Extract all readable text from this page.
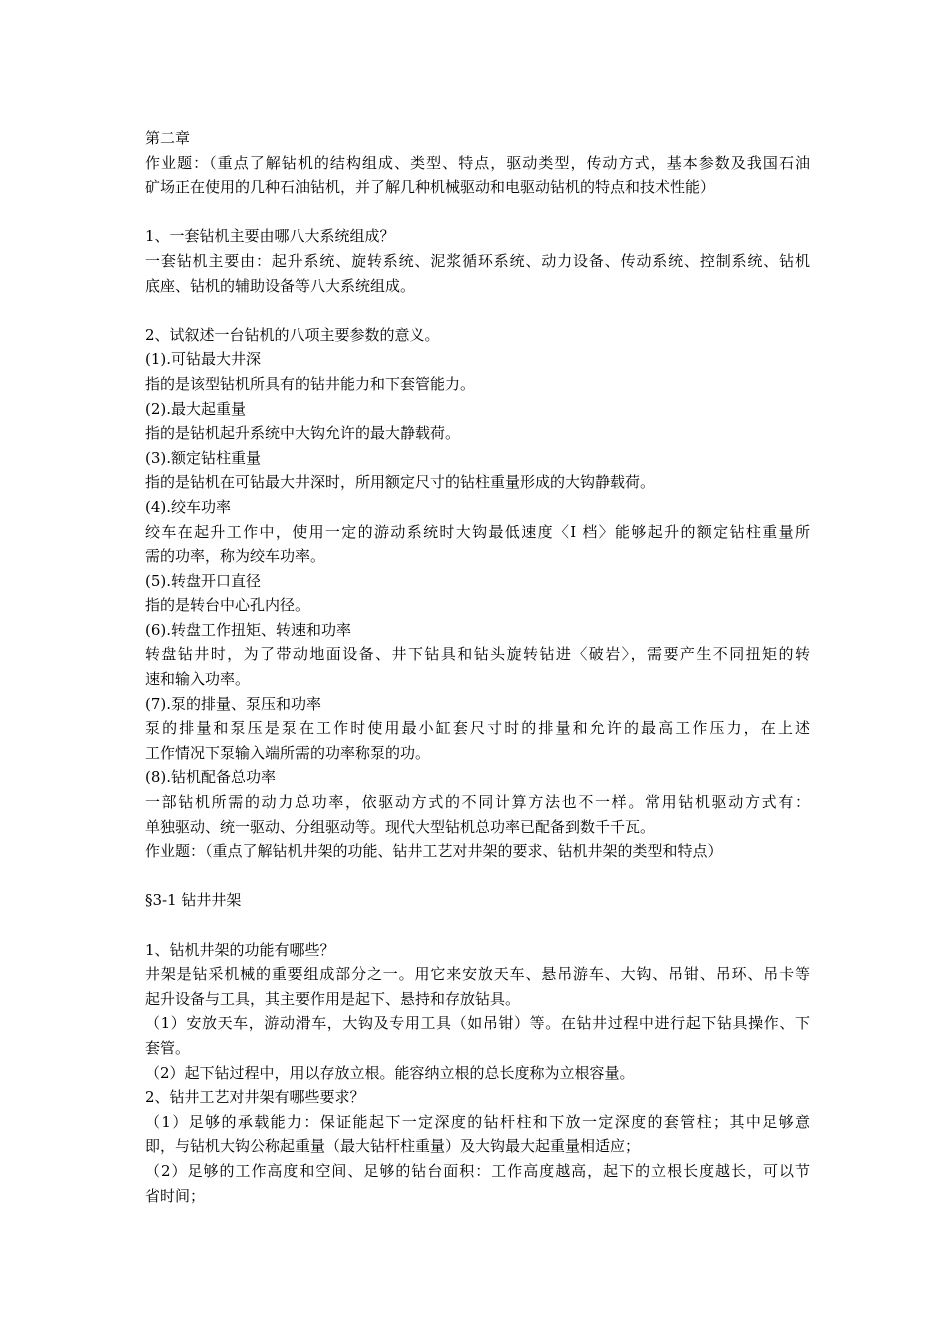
第二章
作业题：（重点了解钻机的结构组成、类型、特点，驱动类型，传动方式，基本参数及我国石油
矿场正在使用的几种石油钻机，并了解几种机械驱动和电驱动钻机的特点和技术性能）
1、一套钻机主要由哪八大系统组成？
一套钻机主要由：起升系统、旋转系统、泥浆循环系统、动力设备、传动系统、控制系统、钻机
底座、钻机的辅助设备等八大系统组成。
2、试叙述一台钻机的八项主要参数的意义。
(1).可钻最大井深
指的是该型钻机所具有的钻井能力和下套管能力。
(2).最大起重量
指的是钻机起升系统中大钩允许的最大静载荷。
(3).额定钻柱重量
指的是钻机在可钻最大井深时，所用额定尺寸的钻柱重量形成的大钩静载荷。
(4).绞车功率
绞车在起升工作中，使用一定的游动系统时大钩最低速度〈I 档〉能够起升的额定钻柱重量所
需的功率，称为绞车功率。
(5).转盘开口直径
指的是转台中心孔内径。
(6).转盘工作扭矩、转速和功率
转盘钻井时，为了带动地面设备、井下钻具和钻头旋转钻进〈破岩〉，需要产生不同扭矩的转
速和输入功率。
(7).泵的排量、泵压和功率
泵的排量和泵压是泵在工作时使用最小缸套尺寸时的排量和允许的最高工作压力，在上述
工作情况下泵输入端所需的功率称泵的功。
(8).钻机配备总功率
一部钻机所需的动力总功率，依驱动方式的不同计算方法也不一样。常用钻机驱动方式有：
单独驱动、统一驱动、分组驱动等。现代大型钻机总功率已配备到数千千瓦。
作业题：（重点了解钻机井架的功能、钻井工艺对井架的要求、钻机井架的类型和特点）
§3-1 钻井井架
1、钻机井架的功能有哪些？
井架是钻采机械的重要组成部分之一。用它来安放天车、悬吊游车、大钩、吊钳、吊环、吊卡等
起升设备与工具，其主要作用是起下、悬持和存放钻具。
（1）安放天车，游动滑车，大钩及专用工具（如吊钳）等。在钻井过程中进行起下钻具操作、下
套管。
（2）起下钻过程中，用以存放立根。能容纳立根的总长度称为立根容量。
2、钻井工艺对井架有哪些要求？
（1）足够的承载能力：保证能起下一定深度的钻杆柱和下放一定深度的套管柱；其中足够意
即，与钻机大钩公称起重量（最大钻杆柱重量）及大钩最大起重量相适应；
（2）足够的工作高度和空间、足够的钻台面积：工作高度越高，起下的立根长度越长，可以节
省时间；
